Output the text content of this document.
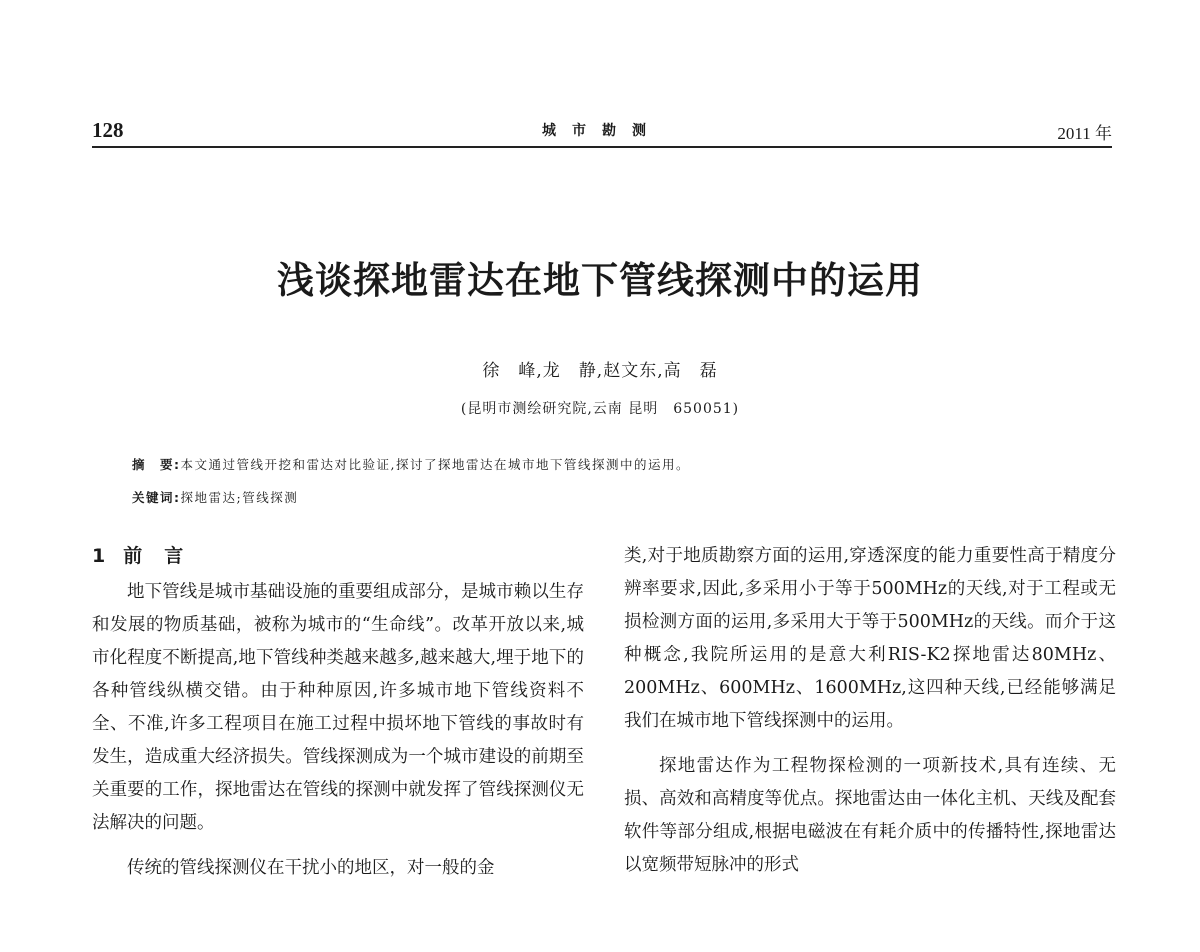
128	城市勘测	2011 年
浅谈探地雷达在地下管线探测中的运用
徐　峰,龙　静,赵文东,高　磊
(昆明市测绘研究院,云南 昆明　650051)
摘　要:本文通过管线开挖和雷达对比验证,探讨了探地雷达在城市地下管线探测中的运用。
关键词:探地雷达;管线探测
1 前言

地下管线是城市基础设施的重要组成部分，是城市赖以生存和发展的物质基础，被称为城市的“生命线”。改革开放以来,城市化程度不断提高,地下管线种类越来越多,越来越大,埋于地下的各种管线纵横交错。由于种种原因,许多城市地下管线资料不全、不准,许多工程项目在施工过程中损坏地下管线的事故时有发生，造成重大经济损失。管线探测成为一个城市建设的前期至关重要的工作，探地雷达在管线的探测中就发挥了管线探测仪无法解决的问题。

传统的管线探测仪在干扰小的地区，对一般的金

类,对于地质勘察方面的运用,穿透深度的能力重要性高于精度分辨率要求,因此,多采用小于等于500MHz的天线,对于工程或无损检测方面的运用,多采用大于等于500MHz的天线。而介于这种概念,我院所运用的是意大利RIS-K2探地雷达80MHz、200MHz、600MHz、1600MHz,这四种天线,已经能够满足我们在城市地下管线探测中的运用。

探地雷达作为工程物探检测的一项新技术,具有连续、无损、高效和高精度等优点。探地雷达由一体化主机、天线及配套软件等部分组成,根据电磁波在有耗介质中的传播特性,探地雷达以宽频带短脉冲的形式
